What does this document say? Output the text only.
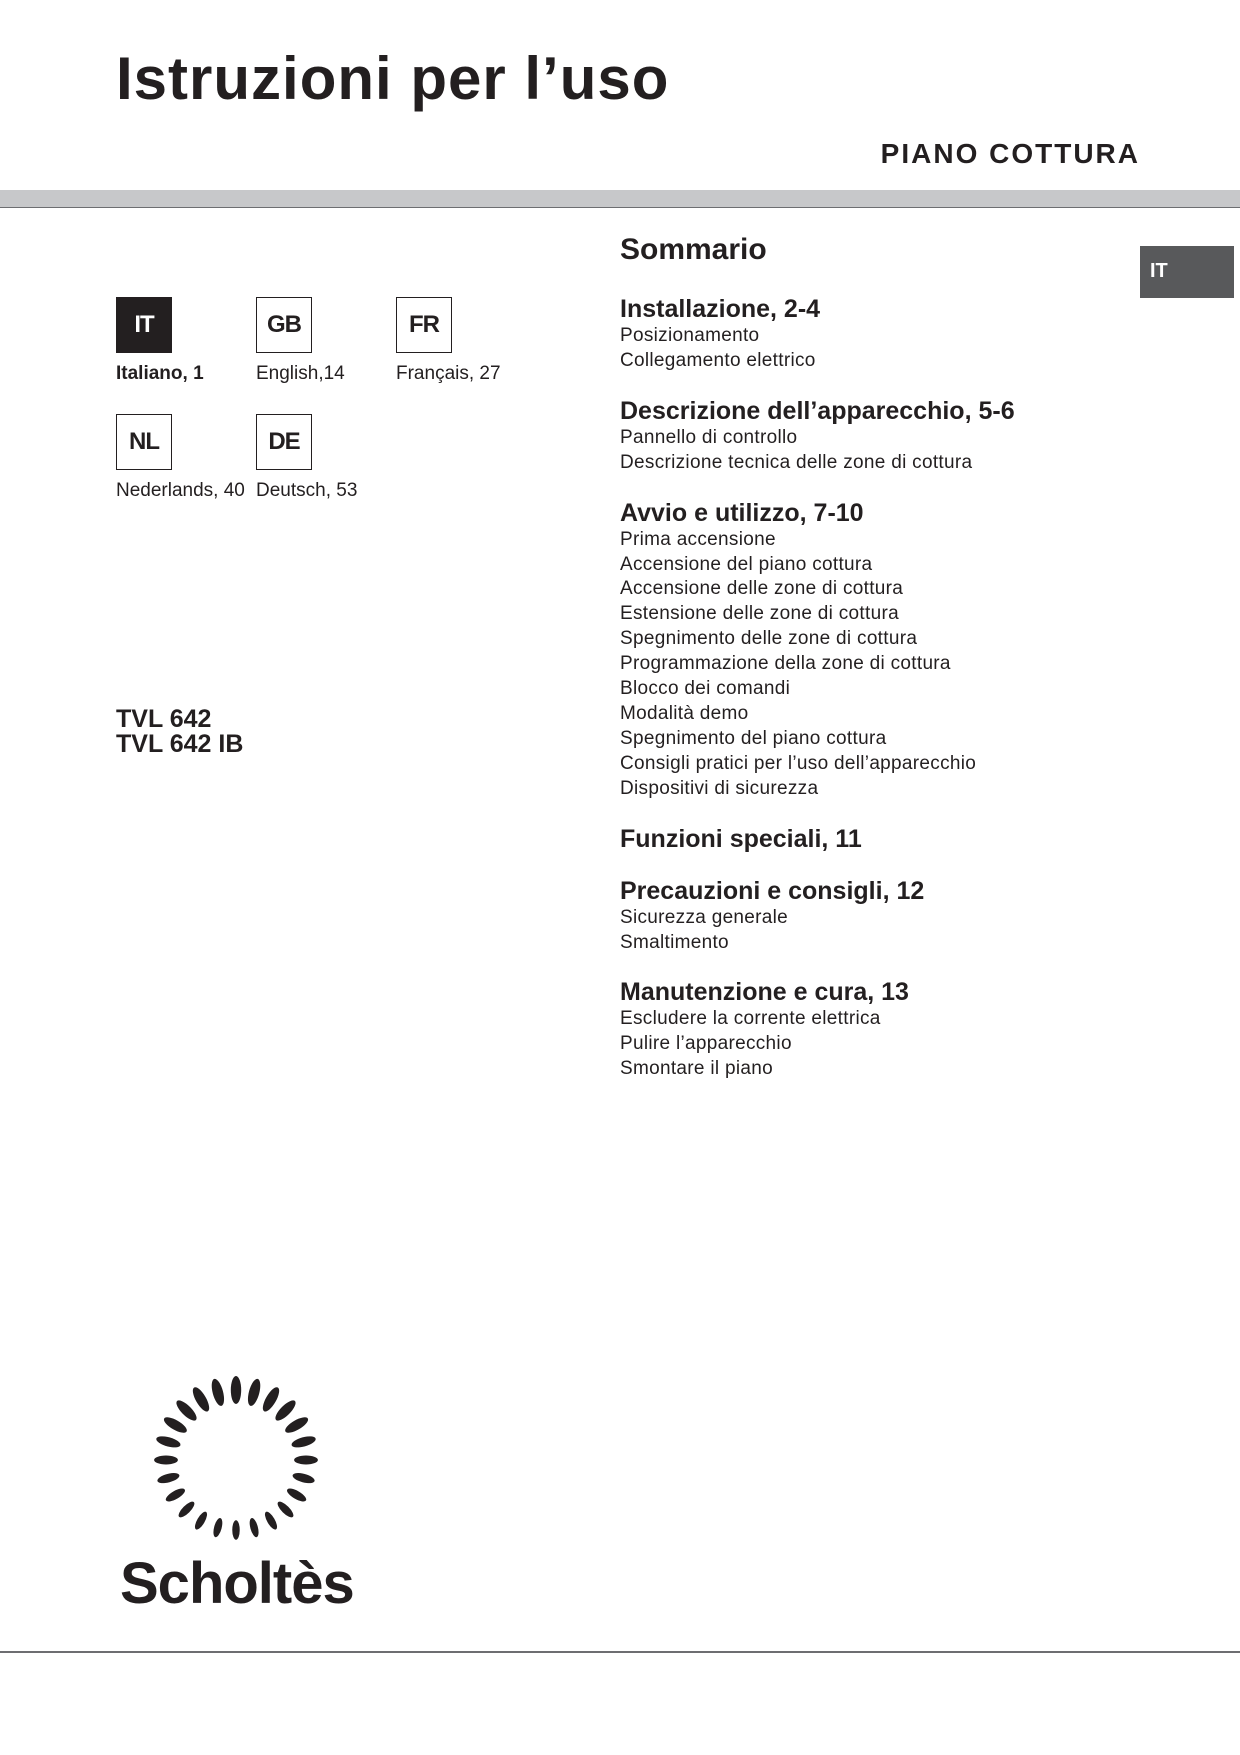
Istruzioni per l’uso
PIANO COTTURA
IT
IT
Italiano, 1
GB
English,14
FR
Français, 27
NL
Nederlands, 40
DE
Deutsch, 53
TVL 642
TVL 642 IB
Sommario
Installazione, 2-4
Posizionamento
Collegamento elettrico
Descrizione dell’apparecchio, 5-6
Pannello di controllo
Descrizione tecnica delle zone di cottura
Avvio e utilizzo, 7-10
Prima accensione
Accensione del piano cottura
Accensione delle zone di cottura
Estensione delle zone di cottura
Spegnimento delle zone di cottura
Programmazione della zone di cottura
Blocco dei comandi
Modalità demo
Spegnimento del piano cottura
Consigli pratici per l’uso dell’apparecchio
Dispositivi di sicurezza
Funzioni speciali, 11
Precauzioni e consigli, 12
Sicurezza generale
Smaltimento
Manutenzione e cura, 13
Escludere la corrente elettrica
Pulire l’apparecchio
Smontare il piano
Scholtès
